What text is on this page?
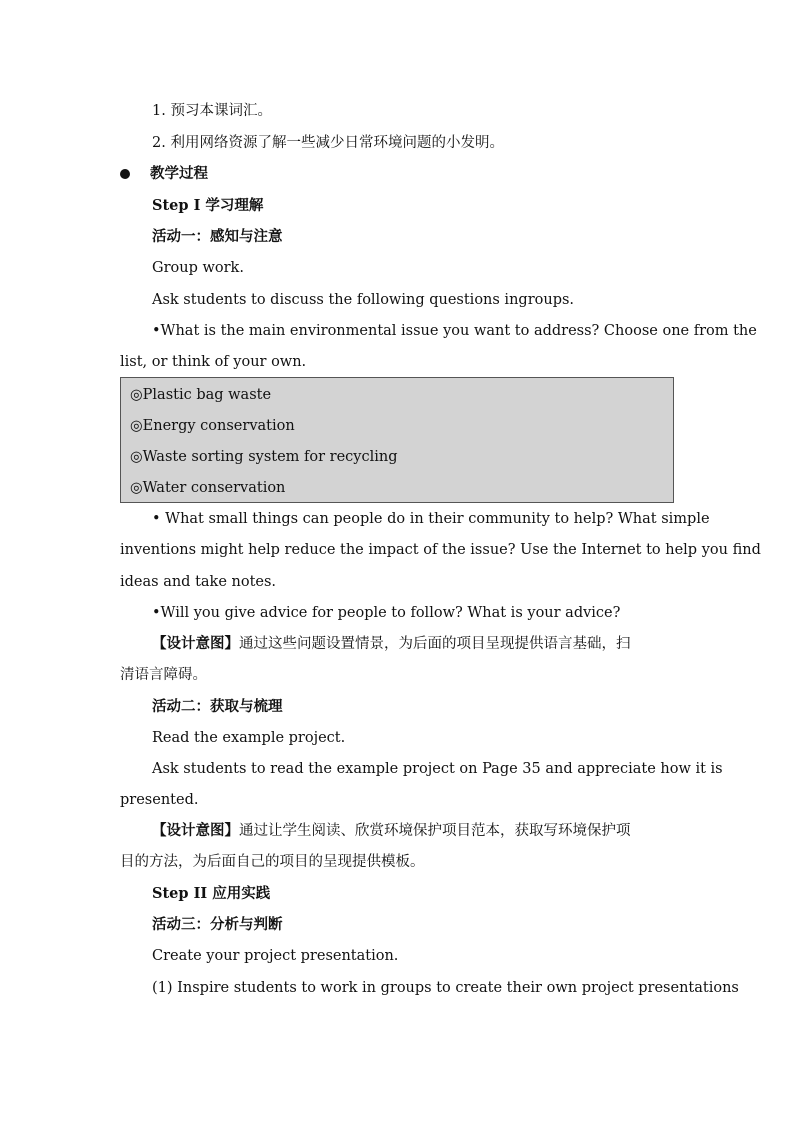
1. 预习本课词汇。
2. 利用网络资源了解一些减少日常环境问题的小发明。
教学过程
Step I 学习理解
活动一：感知与注意
Group work.
Ask students to discuss the following questions ingroups.
•What is the main environmental issue you want to address? Choose one from the
list, or think of your own.
◎Plastic bag waste
◎Energy conservation
◎Waste sorting system for recycling
◎Water conservation
• What small things can people do in their community to help? What simple
inventions might help reduce the impact of the issue? Use the Internet to help you find
ideas and take notes.
•Will you give advice for people to follow? What is your advice?
【设计意图】通过这些问题设置情景，为后面的项目呈现提供语言基础，扫
清语言障碍。
活动二：获取与梳理
Read the example project.
Ask students to read the example project on Page 35 and appreciate how it is
presented.
【设计意图】通过让学生阅读、欣赏环境保护项目范本，获取写环境保护项
目的方法，为后面自己的项目的呈现提供模板。
Step II 应用实践
活动三：分析与判断
Create your project presentation.
(1) Inspire students to work in groups to create their own project presentations
